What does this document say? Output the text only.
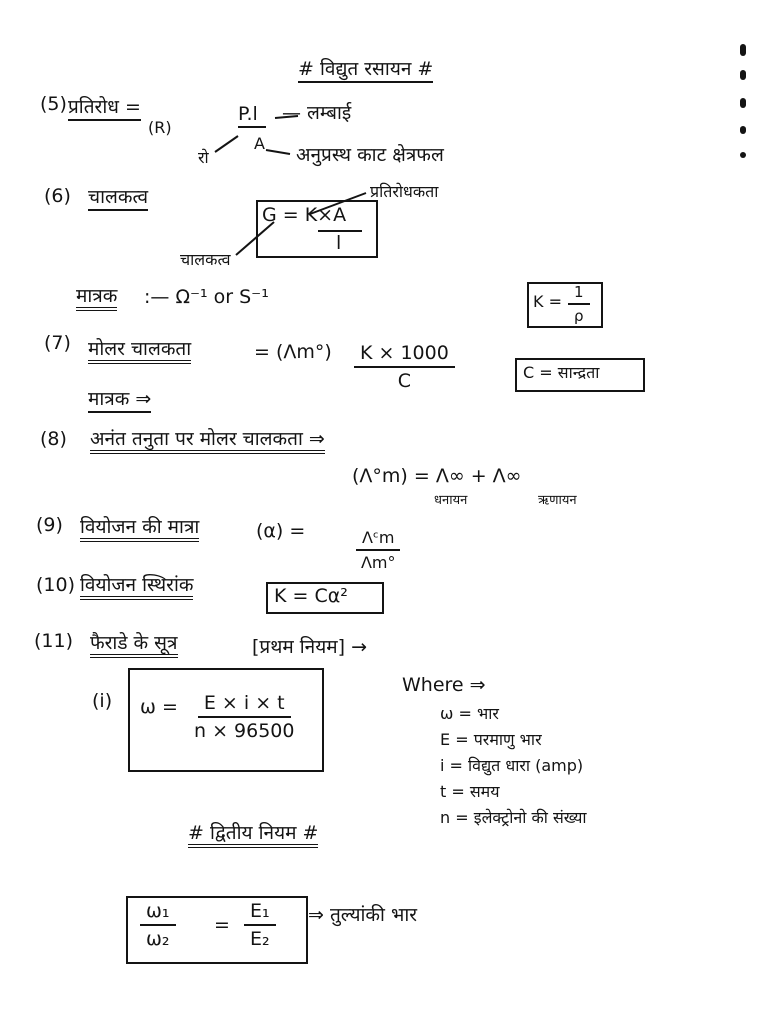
# विद्युत रसायन #
(5) प्रतिरोध =
(R)
P.l
A
— लम्बाई
अनुप्रस्थ काट क्षेत्रफल
रो
(6) चालकत्व	प्रतिरोधकता
G = K×A
l
चालकत्व
मात्रक :— Ω⁻¹ or S⁻¹	$K = \frac{1}{\rho}$
(7) मोलर चालकता	= $(\Lambda m^\circ) \frac{K \times 1000}{C}$	C = सान्द्रता
मात्रक ⇒
(8) अनंत तनुता पर मोलर चालकता ⇒
(Λ°m) = Λ∞ + Λ∞
धनायन	ऋणायन
(9) वियोजन की मात्रा	(α) =	Λᶜm
Λm°
(10) वियोजन स्थिरांक	K = Cα²
(11) फैराडे के सूत्र	[प्रथम नियम] →
(i) $\omega = \frac{E \times i \times t}{n \times 96500}$
Where ⇒
ω = भार
E = परमाणु भार
i = विद्युत धारा (amp)
t = समय
n = इलेक्ट्रोनो की संख्या
# द्वितीय नियम #
$\frac{\text{ω₁}}{\text{ω₂}} = \frac{\text{E₁}}{\text{E₂}}$ ⇒ तुल्यांकी भार
